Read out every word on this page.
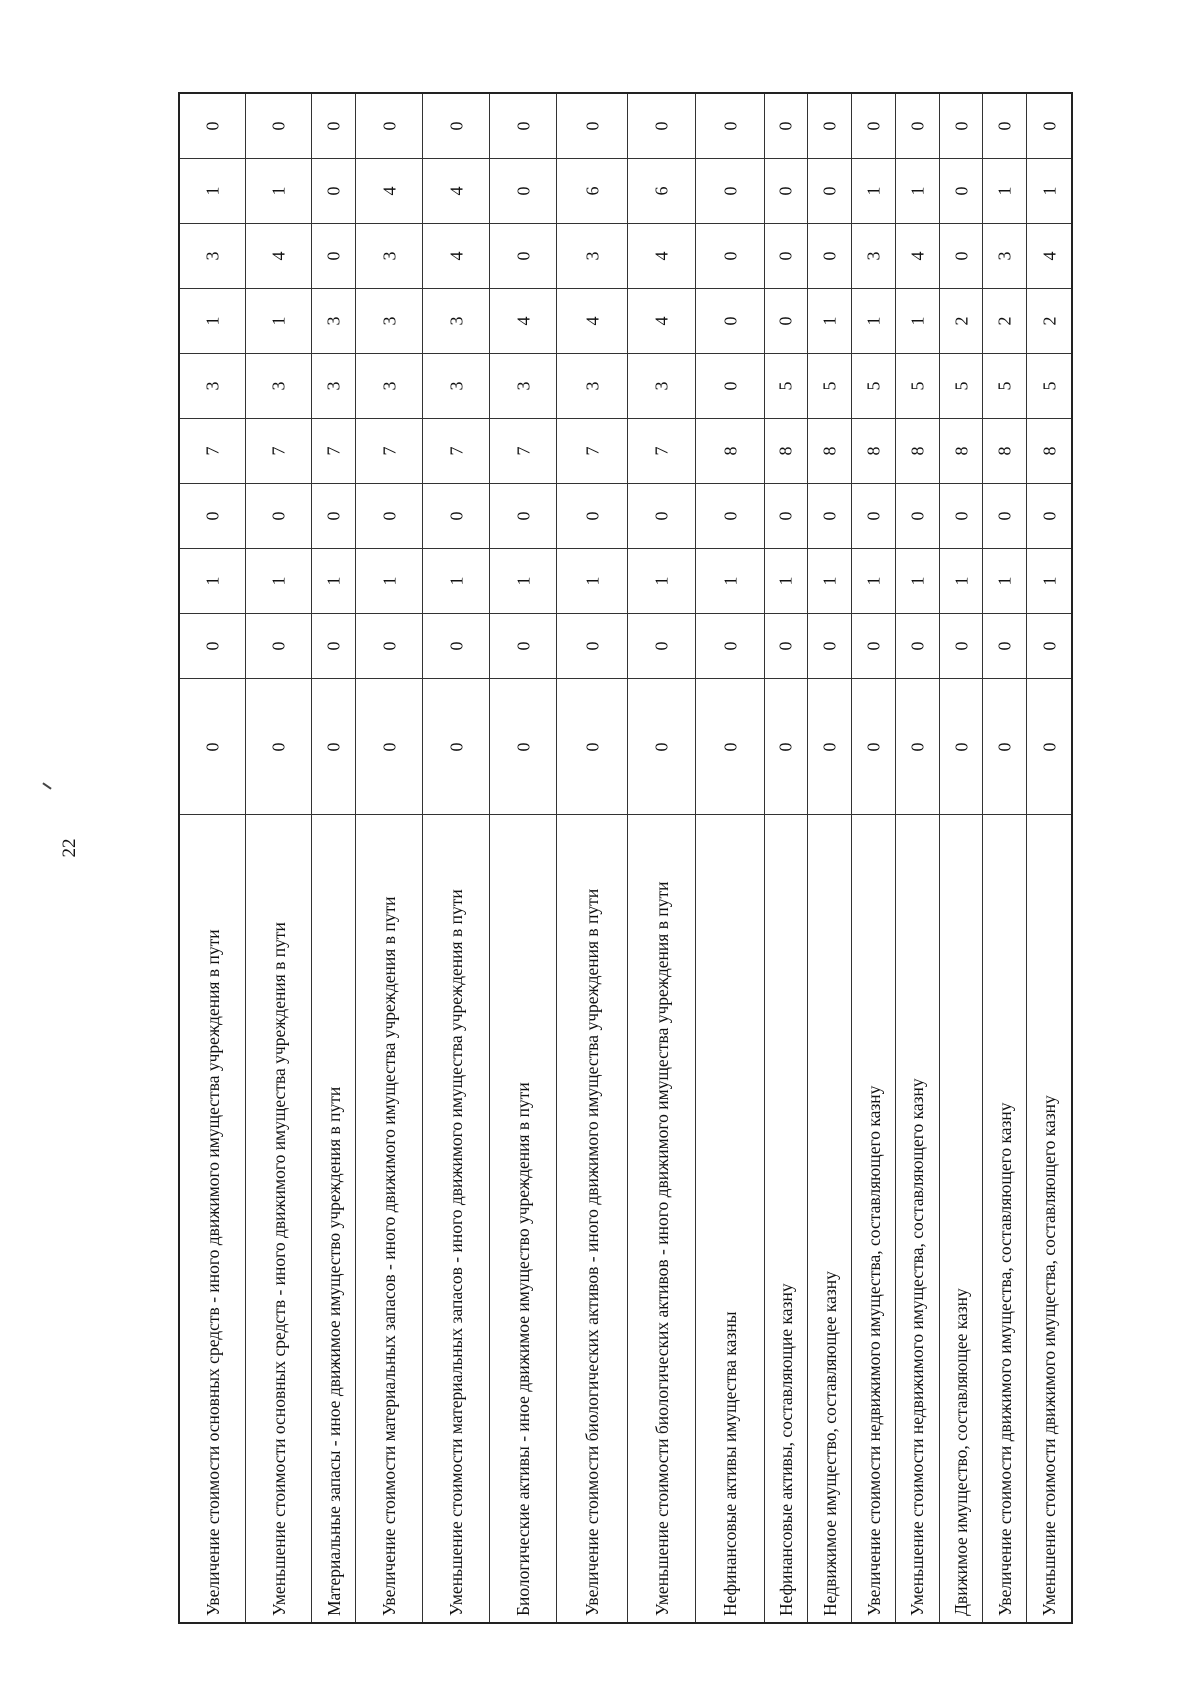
22
0
1
3
1
3
7
0
1
0
0
Увеличение стоимости основных средств - иного движимого имущества учреждения в пути
0
1
4
1
3
7
0
1
0
0
Уменьшение стоимости основных средств - иного движимого имущества учреждения в пути
0
0
0
3
3
7
0
1
0
0
Материальные запасы - иное движимое имущество учреждения в пути
0
4
3
3
3
7
0
1
0
0
Увеличение стоимости материальных запасов - иного движимого имущества учреждения в пути
0
4
4
3
3
7
0
1
0
0
Уменьшение стоимости материальных запасов - иного движимого имущества учреждения в пути
0
0
0
4
3
7
0
1
0
0
Биологические активы - иное движимое имущество учреждения в пути
0
6
3
4
3
7
0
1
0
0
Увеличение стоимости биологических активов - иного движимого имущества учреждения в пути
0
6
4
4
3
7
0
1
0
0
Уменьшение стоимости биологических активов - иного движимого имущества учреждения в пути
0
0
0
0
0
8
0
1
0
0
Нефинансовые активы имущества казны
0
0
0
0
5
8
0
1
0
0
Нефинансовые активы, составляющие казну
0
0
0
1
5
8
0
1
0
0
Недвижимое имущество, составляющее казну
0
1
3
1
5
8
0
1
0
0
Увеличение стоимости недвижимого имущества, составляющего казну
0
1
4
1
5
8
0
1
0
0
Уменьшение стоимости недвижимого имущества, составляющего казну
0
0
0
2
5
8
0
1
0
0
Движимое имущество, составляющее казну
0
1
3
2
5
8
0
1
0
0
Увеличение стоимости движимого имущества, составляющего казну
0
1
4
2
5
8
0
1
0
0
Уменьшение стоимости движимого имущества, составляющего казну
